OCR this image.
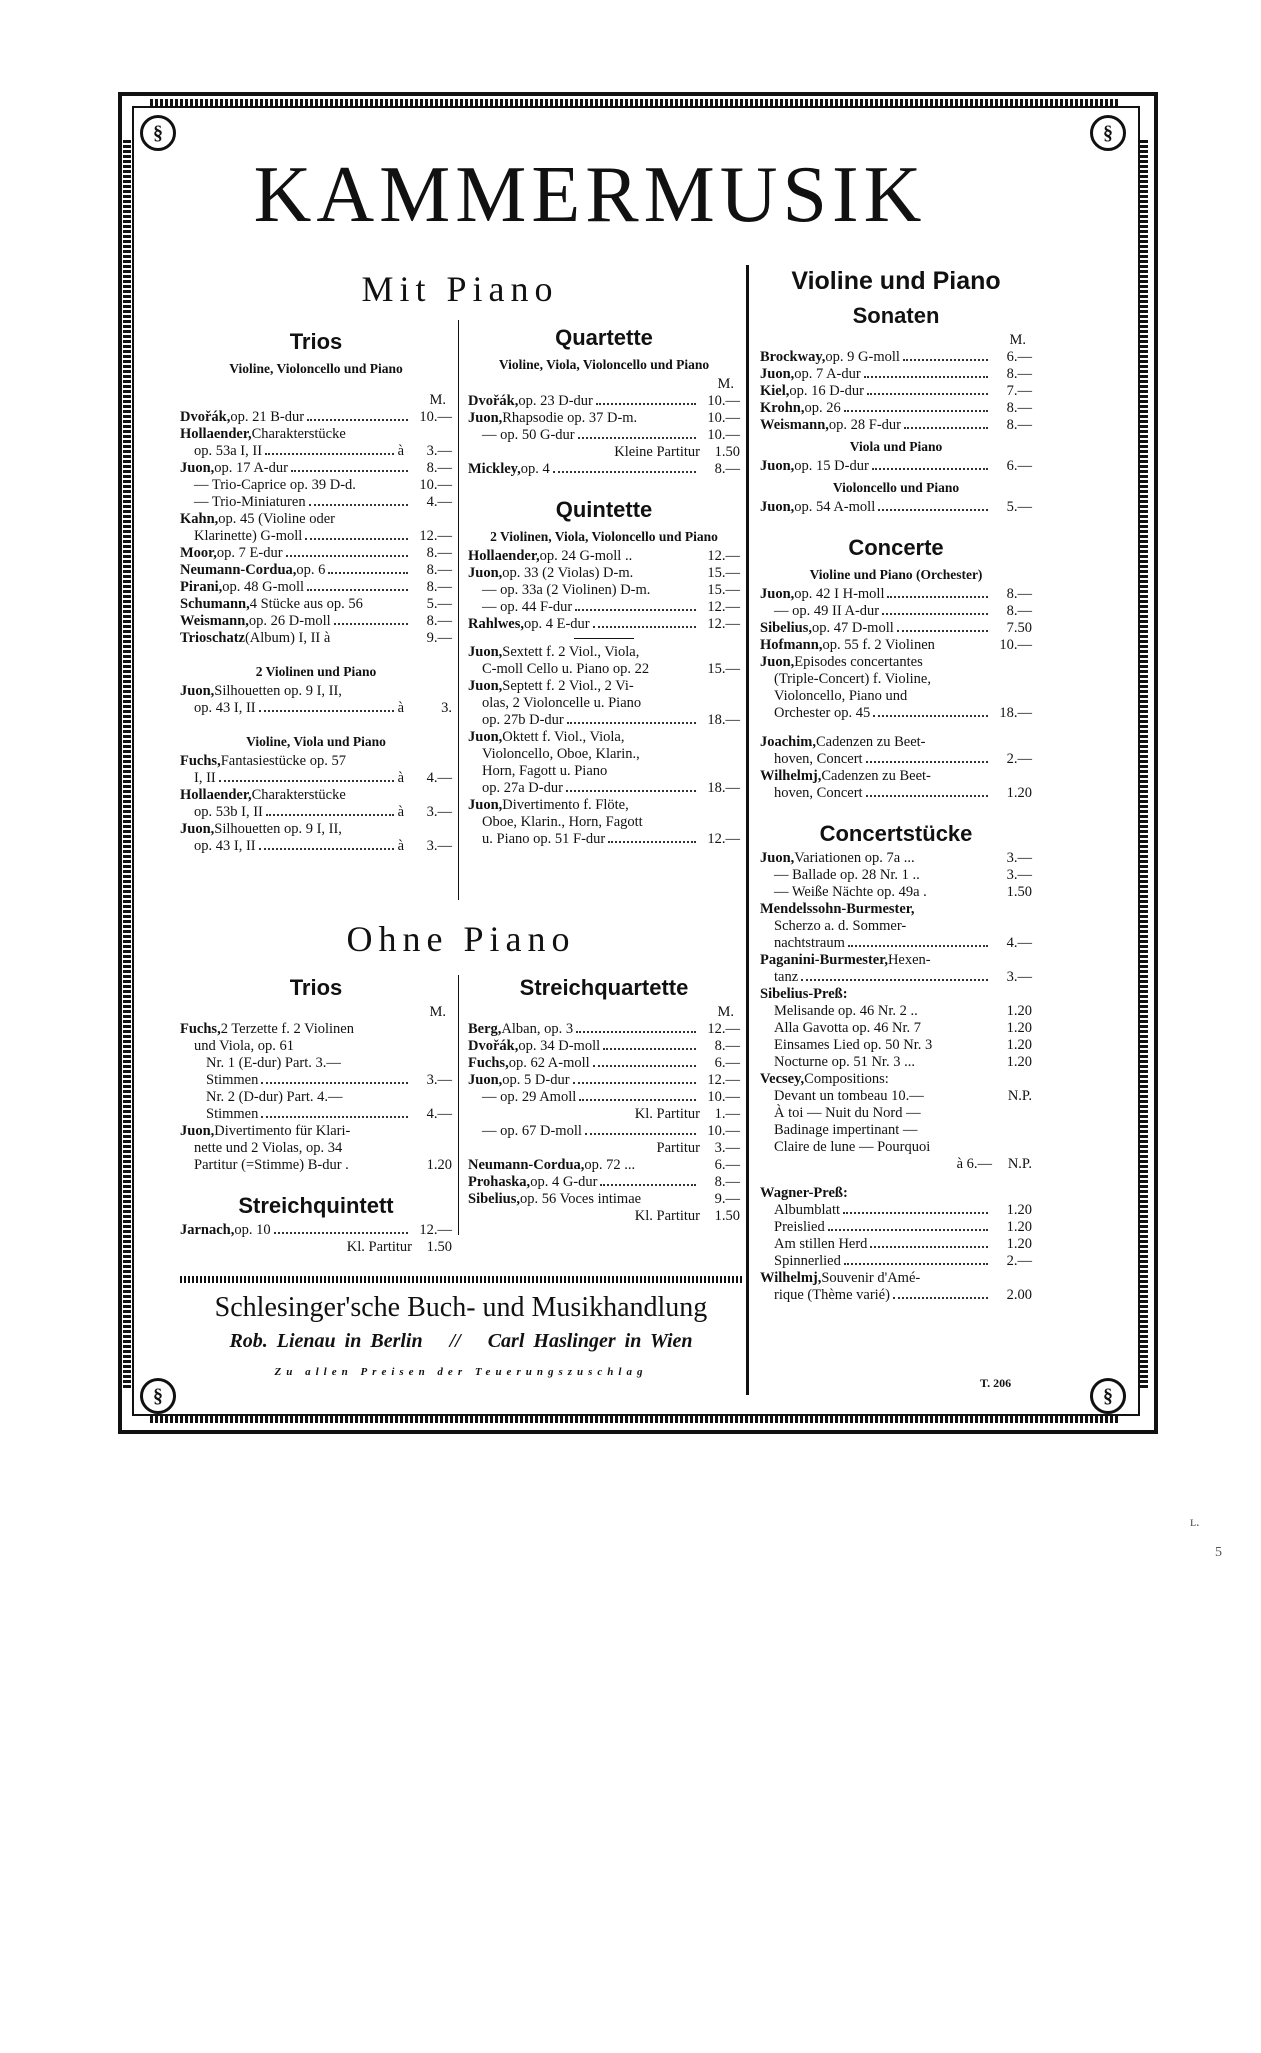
§	§
§	§
KAMMERMUSIK
Mit Piano
Ohne Piano
Trios
Violine, Violoncello und Piano
M.
Dvořák, op. 21 B-dur	10.—
Hollaender, Charakterstücke
op. 53a I, II	à	3.—
Juon, op. 17 A-dur	8.—
— Trio-Caprice op. 39 D-d.	10.—
— Trio-Miniaturen	4.—
Kahn, op. 45 (Violine oder
Klarinette) G-moll	12.—
Moor, op. 7 E-dur	8.—
Neumann-Cordua, op. 6	8.—
Pirani, op. 48 G-moll	8.—
Schumann, 4 Stücke aus op. 56	5.—
Weismann, op. 26 D-moll	8.—
Trioschatz (Album) I, II à	9.—
2 Violinen und Piano
Juon, Silhouetten op. 9 I, II,
op. 43 I, II	à	3.
Violine, Viola und Piano
Fuchs, Fantasiestücke op. 57
I, II	à	4.—
Hollaender, Charakterstücke
op. 53b I, II	à	3.—
Juon, Silhouetten op. 9 I, II,
op. 43 I, II	à	3.—
Quartette
Violine, Viola, Violoncello und Piano
M.
Dvořák, op. 23 D-dur	10.—
Juon, Rhapsodie op. 37 D-m.	10.—
— op. 50 G-dur	10.—
Kleine Partitur	1.50
Mickley, op. 4	8.—
Quintette
2 Violinen, Viola, Violoncello und Piano
Hollaender, op. 24 G-moll ..	12.—
Juon, op. 33 (2 Violas) D-m.	15.—
— op. 33a (2 Violinen) D-m.	15.—
— op. 44 F-dur	12.—
Rahlwes, op. 4 E-dur	12.—
Juon, Sextett f. 2 Viol., Viola,
C-moll Cello u. Piano op. 22	15.—
Juon, Septett f. 2 Viol., 2 Vi-
olas, 2 Violoncelle u. Piano
op. 27b D-dur	18.—
Juon, Oktett f. Viol., Viola,
Violoncello, Oboe, Klarin.,
Horn, Fagott u. Piano
op. 27a D-dur	18.—
Juon, Divertimento f. Flöte,
Oboe, Klarin., Horn, Fagott
u. Piano op. 51 F-dur	12.—
Violine und Piano
Sonaten
M.
Brockway, op. 9 G-moll	6.—
Juon, op. 7 A-dur	8.—
Kiel, op. 16 D-dur	7.—
Krohn, op. 26	8.—
Weismann, op. 28 F-dur	8.—
Viola und Piano
Juon, op. 15 D-dur	6.—
Violoncello und Piano
Juon, op. 54 A-moll	5.—
Concerte
Violine und Piano (Orchester)
Juon, op. 42 I H-moll	8.—
— op. 49 II A-dur	8.—
Sibelius, op. 47 D-moll	7.50
Hofmann, op. 55 f. 2 Violinen	10.—
Juon, Episodes concertantes
(Triple-Concert) f. Violine,
Violoncello, Piano und
Orchester op. 45	18.—
Joachim, Cadenzen zu Beet-
hoven, Concert	2.—
Wilhelmj, Cadenzen zu Beet-
hoven, Concert	1.20
Concertstücke
Juon, Variationen op. 7a ...	3.—
— Ballade op. 28 Nr. 1 ..	3.—
— Weiße Nächte op. 49a .	1.50
Mendelssohn-Burmester,
Scherzo a. d. Sommer-
nachtstraum	4.—
Paganini-Burmester, Hexen-
tanz	3.—
Sibelius-Preß:
Melisande op. 46 Nr. 2 ..	1.20
Alla Gavotta op. 46 Nr. 7	1.20
Einsames Lied op. 50 Nr. 3	1.20
Nocturne op. 51 Nr. 3 ...	1.20
Vecsey, Compositions:
Devant un tombeau 10.—	N.P.
À toi — Nuit du Nord —
Badinage impertinant —
Claire de lune — Pourquoi
à 6.—	N.P.
Wagner-Preß:
Albumblatt	1.20
Preislied	1.20
Am stillen Herd	1.20
Spinnerlied	2.—
Wilhelmj, Souvenir d'Amé-
rique (Thème varié)	2.00
Trios
M.
Fuchs, 2 Terzette f. 2 Violinen
und Viola, op. 61
Nr. 1 (E-dur) Part. 3.—
Stimmen	3.—
Nr. 2 (D-dur) Part. 4.—
Stimmen	4.—
Juon, Divertimento für Klari-
nette und 2 Violas, op. 34
Partitur (=Stimme) B-dur .	1.20
Streichquintett
Jarnach, op. 10	12.—
Kl. Partitur	1.50
Streichquartette
M.
Berg, Alban, op. 3	12.—
Dvořák, op. 34 D-moll	8.—
Fuchs, op. 62 A-moll	6.—
Juon, op. 5 D-dur	12.—
— op. 29 Amoll	10.—
Kl. Partitur	1.—
— op. 67 D-moll	10.—
Partitur	3.—
Neumann-Cordua, op. 72 ...	6.—
Prohaska, op. 4 G-dur	8.—
Sibelius, op. 56 Voces intimae	9.—
Kl. Partitur	1.50
Schlesinger'sche Buch- und Musikhandlung
Rob. Lienau in Berlin // Carl Haslinger in Wien
Zu allen Preisen der Teuerungszuschlag
T. 206
ʟ.
5
